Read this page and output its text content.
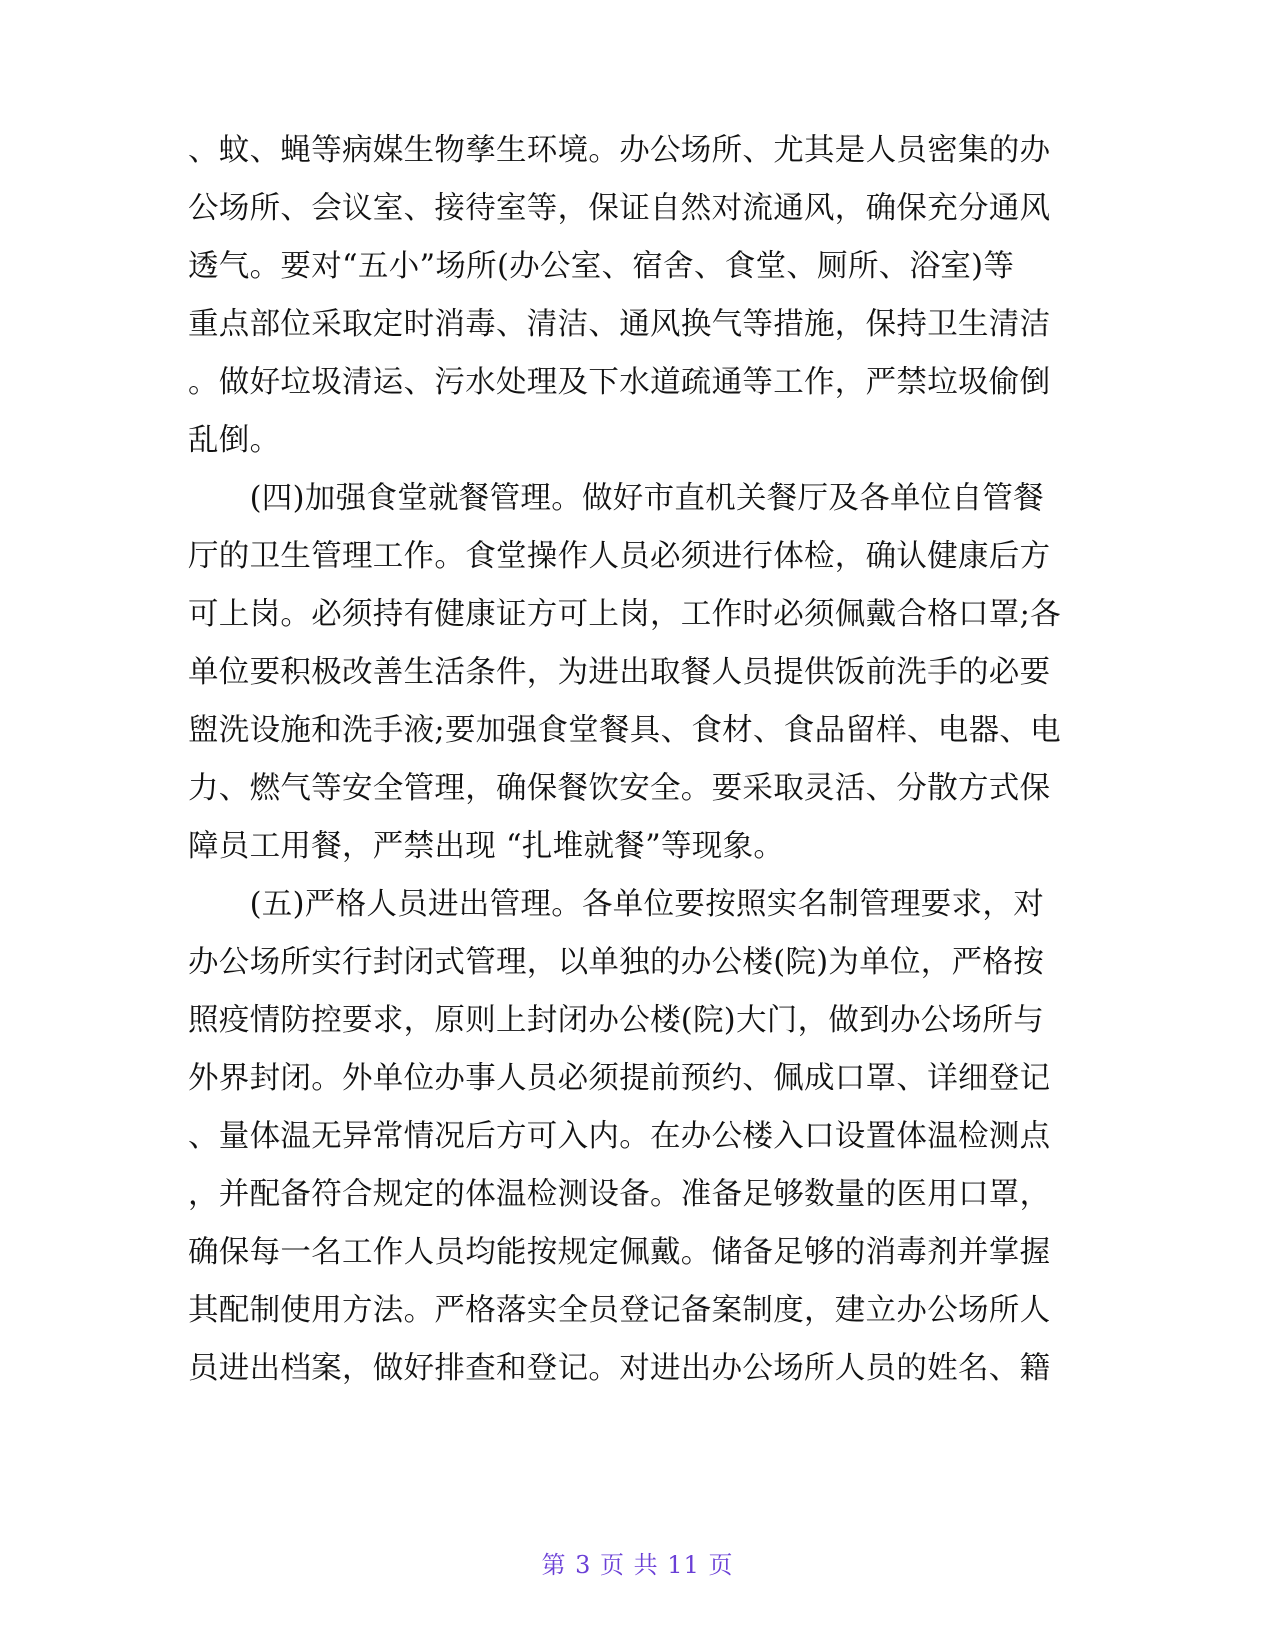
、蚊、蝇等病媒生物孳生环境。办公场所、尤其是人员密集的办
公场所、会议室、接待室等，保证自然对流通风，确保充分通风
透气。要对“五小”场所(办公室、宿舍、食堂、厕所、浴室)等
重点部位采取定时消毒、清洁、通风换气等措施，保持卫生清洁
。做好垃圾清运、污水处理及下水道疏通等工作，严禁垃圾偷倒
乱倒。
　　(四)加强食堂就餐管理。做好市直机关餐厅及各单位自管餐
厅的卫生管理工作。食堂操作人员必须进行体检，确认健康后方
可上岗。必须持有健康证方可上岗，工作时必须佩戴合格口罩;各
单位要积极改善生活条件，为进出取餐人员提供饭前洗手的必要
盥洗设施和洗手液;要加强食堂餐具、食材、食品留样、电器、电
力、燃气等安全管理，确保餐饮安全。要采取灵活、分散方式保
障员工用餐，严禁出现 “扎堆就餐”等现象。
　　(五)严格人员进出管理。各单位要按照实名制管理要求，对
办公场所实行封闭式管理，以单独的办公楼(院)为单位，严格按
照疫情防控要求，原则上封闭办公楼(院)大门，做到办公场所与
外界封闭。外单位办事人员必须提前预约、佩成口罩、详细登记
、量体温无异常情况后方可入内。在办公楼入口设置体温检测点
，并配备符合规定的体温检测设备。准备足够数量的医用口罩，
确保每一名工作人员均能按规定佩戴。储备足够的消毒剂并掌握
其配制使用方法。严格落实全员登记备案制度，建立办公场所人
员进出档案，做好排查和登记。对进出办公场所人员的姓名、籍
第 3 页 共 11 页
